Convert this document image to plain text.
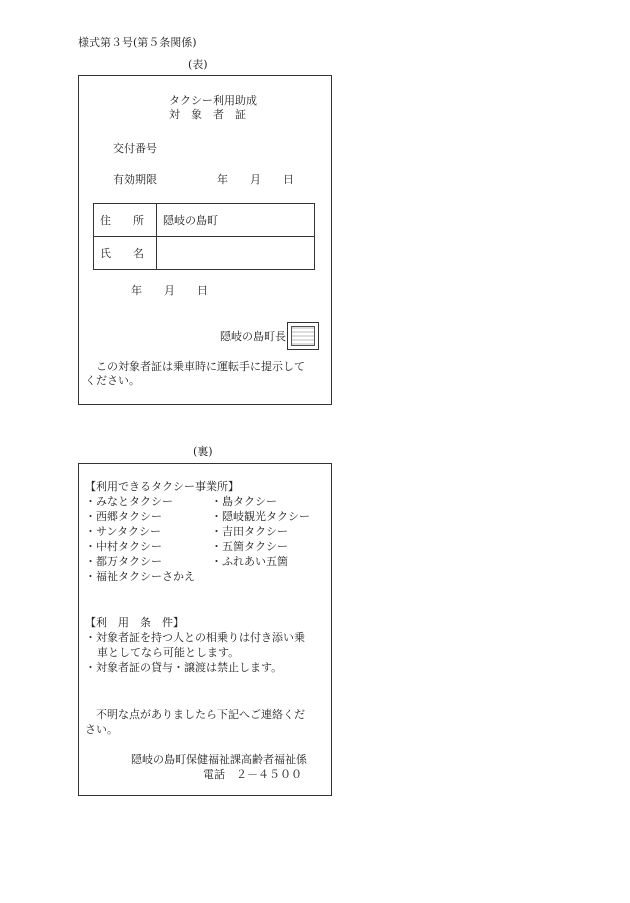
様式第３号(第５条関係)
(表)
タクシー利用助成
対　象　者　証
交付番号
有効期限	年　　月　　日
住　　所	隠岐の島町
氏　　名	
年　　月　　日
隠岐の島町長
　この対象者証は乗車時に運転手に提示して
ください。
(裏)
【利用できるタクシー事業所】
・みなとタクシー
・西郷タクシー
・サンタクシー
・中村タクシー
・都万タクシー
・福祉タクシーさかえ
・島タクシー
・隠岐観光タクシー
・吉田タクシー
・五箇タクシー
・ふれあい五箇
【利　用　条　件】
・対象者証を持つ人との相乗りは付き添い乗
車としてなら可能とします。
・対象者証の貸与・譲渡は禁止します。
　不明な点がありましたら下記へご連絡くだ
さい。
隠岐の島町保健福祉課高齢者福祉係
電話　２－４５００
